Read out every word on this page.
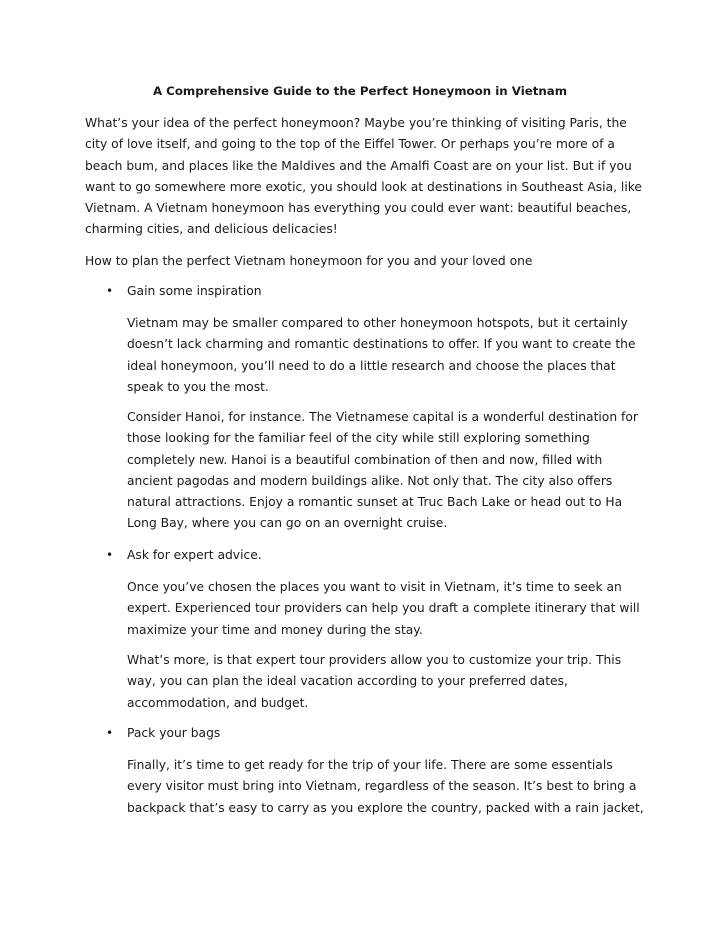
A Comprehensive Guide to the Perfect Honeymoon in Vietnam

What’s your idea of the perfect honeymoon? Maybe you’re thinking of visiting Paris, the city of love itself, and going to the top of the Eiffel Tower. Or perhaps you’re more of a beach bum, and places like the Maldives and the Amalfi Coast are on your list. But if you want to go somewhere more exotic, you should look at destinations in Southeast Asia, like Vietnam. A Vietnam honeymoon has everything you could ever want: beautiful beaches, charming cities, and delicious delicacies!

How to plan the perfect Vietnam honeymoon for you and your loved one

• Gain some inspiration

Vietnam may be smaller compared to other honeymoon hotspots, but it certainly doesn’t lack charming and romantic destinations to offer. If you want to create the ideal honeymoon, you’ll need to do a little research and choose the places that speak to you the most.

Consider Hanoi, for instance. The Vietnamese capital is a wonderful destination for those looking for the familiar feel of the city while still exploring something completely new. Hanoi is a beautiful combination of then and now, filled with ancient pagodas and modern buildings alike. Not only that. The city also offers natural attractions. Enjoy a romantic sunset at Truc Bach Lake or head out to Ha Long Bay, where you can go on an overnight cruise.

• Ask for expert advice.

Once you’ve chosen the places you want to visit in Vietnam, it’s time to seek an expert. Experienced tour providers can help you draft a complete itinerary that will maximize your time and money during the stay.

What’s more, is that expert tour providers allow you to customize your trip. This way, you can plan the ideal vacation according to your preferred dates, accommodation, and budget.

• Pack your bags

Finally, it’s time to get ready for the trip of your life. There are some essentials every visitor must bring into Vietnam, regardless of the season. It’s best to bring a backpack that’s easy to carry as you explore the country, packed with a rain jacket,
